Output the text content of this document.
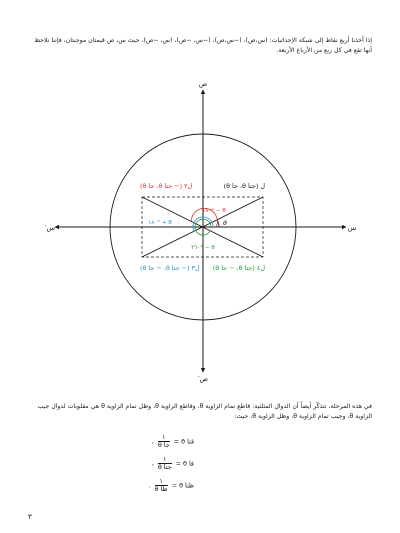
إذا أخذنا أربع نقاط إلى شبكة الإحداثيات: (س،ص)، (−س،ص)، (−س، −ص)، (س، −ص)، حيث س، ص قيمتان موجبتان، فإننا نلاحظ أنها تقع في كل ربع من الأرباع الأربعة.

ص
ص′
س
س′
ل (جتا θ، جا θ)
ل٢ (− جتا θ، جا θ)
ل٣ (− جتا θ، − جا θ) ل٤ (جتا θ، − جا θ)
θ
θ − °١٨٠
θ + °١٨٠
θ − °٣٦٠

في هذه المرحلة، تتذكّر أيضاً أن الدوال المثلثية: قاطع تمام الزاوية θ، وقاطع الزاوية θ، وظل تمام الزاوية θ هي مقلوبات لدوال جيب الزاوية θ، وجيب تمام الزاوية θ، وظل الزاوية θ، حيث:

قتا θ =
$\frac{١}{\text{جا θ}}$
،
قا θ =
$\frac{١}{\text{جتا θ}}$
،
ظتا θ =
$\frac{١}{\text{ظا θ}}$
.
٣
